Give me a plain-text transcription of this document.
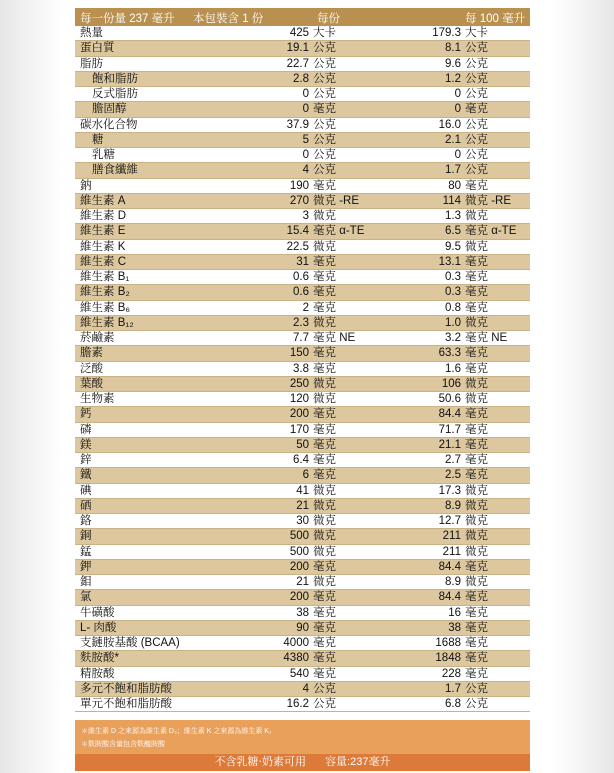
每一份量 237 毫升 本包裝含 1 份	每份	每 100 毫升
熱量	425 大卡	179.3 大卡
蛋白質	19.1 公克	8.1 公克
脂肪	22.7 公克	9.6 公克
飽和脂肪	2.8 公克	1.2 公克
反式脂肪	0 公克	0 公克
膽固醇	0 毫克	0 毫克
碳水化合物	37.9 公克	16.0 公克
糖	5 公克	2.1 公克
乳糖	0 公克	0 公克
膳食纖維	4 公克	1.7 公克
鈉	190 毫克	80 毫克
維生素 A	270 微克 -RE	114 微克 -RE
維生素 D	3 微克	1.3 微克
維生素 E	15.4 毫克 α-TE	6.5 毫克 α-TE
維生素 K	22.5 微克	9.5 微克
維生素 C	31 毫克	13.1 毫克
維生素 B₁	0.6 毫克	0.3 毫克
維生素 B₂	0.6 毫克	0.3 毫克
維生素 B₆	2 毫克	0.8 毫克
維生素 B₁₂	2.3 微克	1.0 微克
菸鹼素	7.7 毫克 NE	3.2 毫克 NE
膽素	150 毫克	63.3 毫克
泛酸	3.8 毫克	1.6 毫克
葉酸	250 微克	106 微克
生物素	120 微克	50.6 微克
鈣	200 毫克	84.4 毫克
磷	170 毫克	71.7 毫克
鎂	50 毫克	21.1 毫克
鋅	6.4 毫克	2.7 毫克
鐵	6 毫克	2.5 毫克
碘	41 微克	17.3 微克
硒	21 微克	8.9 微克
鉻	30 微克	12.7 微克
銅	500 微克	211 微克
錳	500 微克	211 微克
鉀	200 毫克	84.4 毫克
鉬	21 微克	8.9 微克
氯	200 毫克	84.4 毫克
牛磺酸	38 毫克	16 毫克
L- 肉酸	90 毫克	38 毫克
支鏈胺基酸 (BCAA)	4000 毫克	1688 毫克
麩胺酸*	4380 毫克	1848 毫克
精胺酸	540 毫克	228 毫克
多元不飽和脂肪酸	4 公克	1.7 公克
單元不飽和脂肪酸	16.2 公克	6.8 公克
＊維生素 D 之來源為維生素 D₃；維生素 K 之來源為維生素 K₁
＊麩胺酸含量包含麩醯胺酸
不含乳糖‧奶素可用 容量:237毫升
